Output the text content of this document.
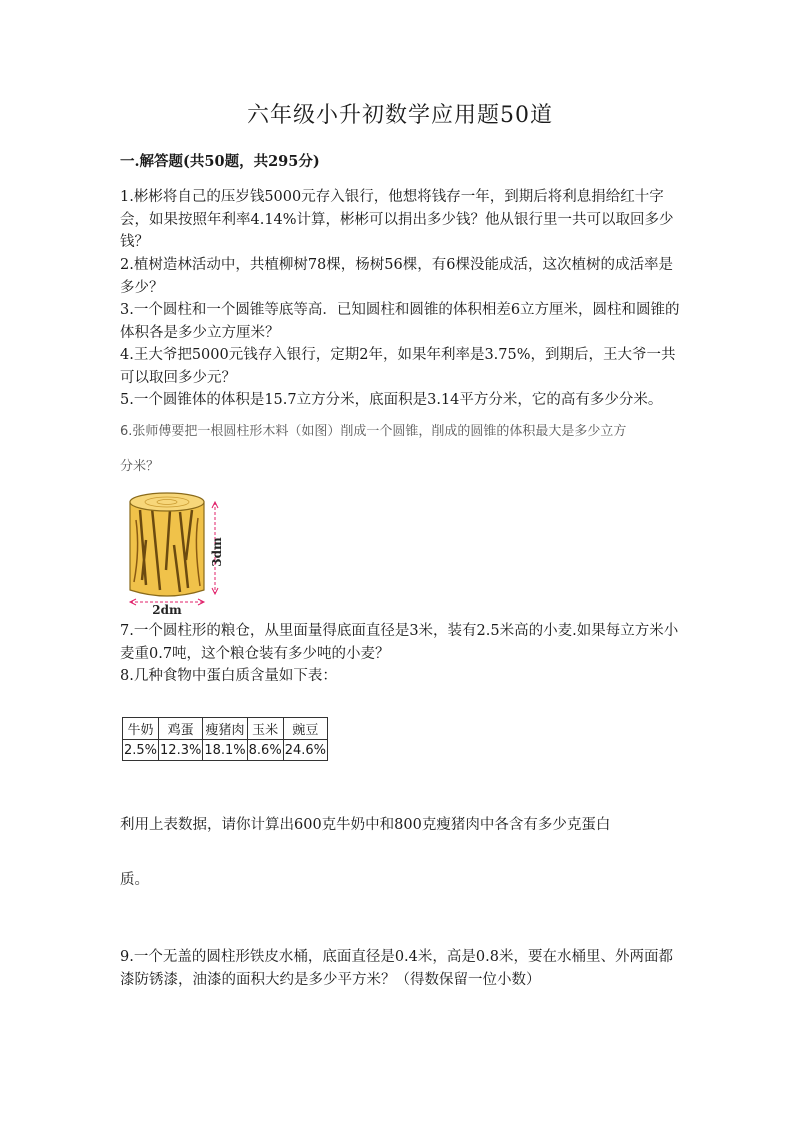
六年级小升初数学应用题50道
一.解答题(共50题，共295分)
1.彬彬将自己的压岁钱5000元存入银行，他想将钱存一年，到期后将利息捐给红十字会，如果按照年利率4.14%计算，彬彬可以捐出多少钱？他从银行里一共可以取回多少钱？
2.植树造林活动中，共植柳树78棵，杨树56棵，有6棵没能成活，这次植树的成活率是多少？
3.一个圆柱和一个圆锥等底等高．已知圆柱和圆锥的体积相差6立方厘米，圆柱和圆锥的体积各是多少立方厘米？
4.王大爷把5000元钱存入银行，定期2年，如果年利率是3.75%，到期后，王大爷一共可以取回多少元？
5.一个圆锥体的体积是15.7立方分米，底面积是3.14平方分米，它的高有多少分米。
6.张师傅要把一根圆柱形木料（如图）削成一个圆锥，削成的圆锥的体积最大是多少立方
分米？
3dm
2dm
7.一个圆柱形的粮仓，从里面量得底面直径是3米，装有2.5米高的小麦.如果每立方米小麦重0.7吨，这个粮仓装有多少吨的小麦？
8.几种食物中蛋白质含量如下表：
牛奶	鸡蛋	瘦猪肉	玉米	豌豆
2.5%	12.3%	18.1%	8.6%	24.6%
利用上表数据，请你计算出600克牛奶中和800克瘦猪肉中各含有多少克蛋白
质。
9.一个无盖的圆柱形铁皮水桶，底面直径是0.4米，高是0.8米，要在水桶里、外两面都漆防锈漆，油漆的面积大约是多少平方米？（得数保留一位小数）
